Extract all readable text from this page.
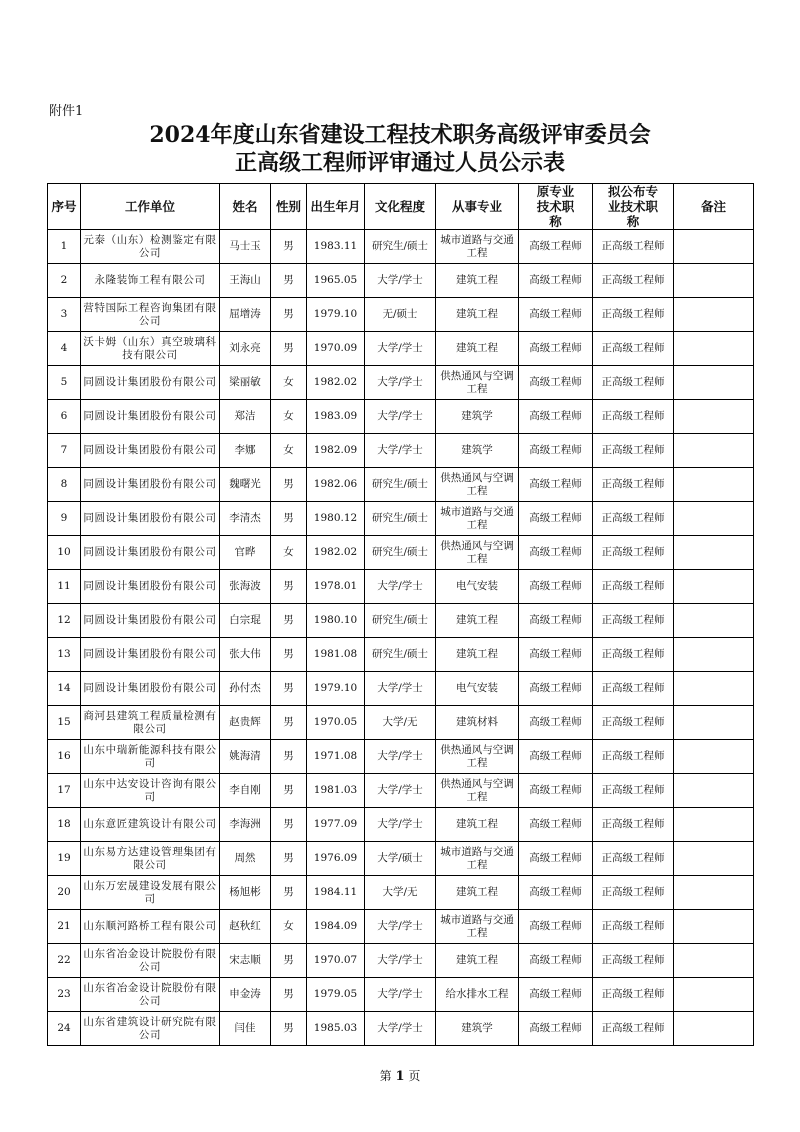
附件1
2024年度山东省建设工程技术职务高级评审委员会
正高级工程师评审通过人员公示表
序号	工作单位	姓名	性别	出生年月	文化程度	从事专业	原专业技术职称	拟公布专业技术职称	备注
1	元泰（山东）检测鉴定有限公司	马士玉	男	1983.11	研究生/硕士	城市道路与交通工程	高级工程师	正高级工程师	
2	永隆装饰工程有限公司	王海山	男	1965.05	大学/学士	建筑工程	高级工程师	正高级工程师	
3	营特国际工程咨询集团有限公司	屈增涛	男	1979.10	无/硕士	建筑工程	高级工程师	正高级工程师	
4	沃卡姆（山东）真空玻璃科技有限公司	刘永亮	男	1970.09	大学/学士	建筑工程	高级工程师	正高级工程师	
5	同圆设计集团股份有限公司	梁丽敏	女	1982.02	大学/学士	供热通风与空调工程	高级工程师	正高级工程师	
6	同圆设计集团股份有限公司	郑洁	女	1983.09	大学/学士	建筑学	高级工程师	正高级工程师	
7	同圆设计集团股份有限公司	李娜	女	1982.09	大学/学士	建筑学	高级工程师	正高级工程师	
8	同圆设计集团股份有限公司	魏曙光	男	1982.06	研究生/硕士	供热通风与空调工程	高级工程师	正高级工程师	
9	同圆设计集团股份有限公司	李清杰	男	1980.12	研究生/硕士	城市道路与交通工程	高级工程师	正高级工程师	
10	同圆设计集团股份有限公司	官晔	女	1982.02	研究生/硕士	供热通风与空调工程	高级工程师	正高级工程师	
11	同圆设计集团股份有限公司	张海波	男	1978.01	大学/学士	电气安装	高级工程师	正高级工程师	
12	同圆设计集团股份有限公司	白宗琨	男	1980.10	研究生/硕士	建筑工程	高级工程师	正高级工程师	
13	同圆设计集团股份有限公司	张大伟	男	1981.08	研究生/硕士	建筑工程	高级工程师	正高级工程师	
14	同圆设计集团股份有限公司	孙付杰	男	1979.10	大学/学士	电气安装	高级工程师	正高级工程师	
15	商河县建筑工程质量检测有限公司	赵贵辉	男	1970.05	大学/无	建筑材料	高级工程师	正高级工程师	
16	山东中瑞新能源科技有限公司	姚海清	男	1971.08	大学/学士	供热通风与空调工程	高级工程师	正高级工程师	
17	山东中达安设计咨询有限公司	李自刚	男	1981.03	大学/学士	供热通风与空调工程	高级工程师	正高级工程师	
18	山东意匠建筑设计有限公司	李海洲	男	1977.09	大学/学士	建筑工程	高级工程师	正高级工程师	
19	山东易方达建设管理集团有限公司	周然	男	1976.09	大学/硕士	城市道路与交通工程	高级工程师	正高级工程师	
20	山东万宏晟建设发展有限公司	杨旭彬	男	1984.11	大学/无	建筑工程	高级工程师	正高级工程师	
21	山东顺河路桥工程有限公司	赵秋红	女	1984.09	大学/学士	城市道路与交通工程	高级工程师	正高级工程师	
22	山东省冶金设计院股份有限公司	宋志顺	男	1970.07	大学/学士	建筑工程	高级工程师	正高级工程师	
23	山东省冶金设计院股份有限公司	申金涛	男	1979.05	大学/学士	给水排水工程	高级工程师	正高级工程师	
24	山东省建筑设计研究院有限公司	闫佳	男	1985.03	大学/学士	建筑学	高级工程师	正高级工程师	
第 1 页
